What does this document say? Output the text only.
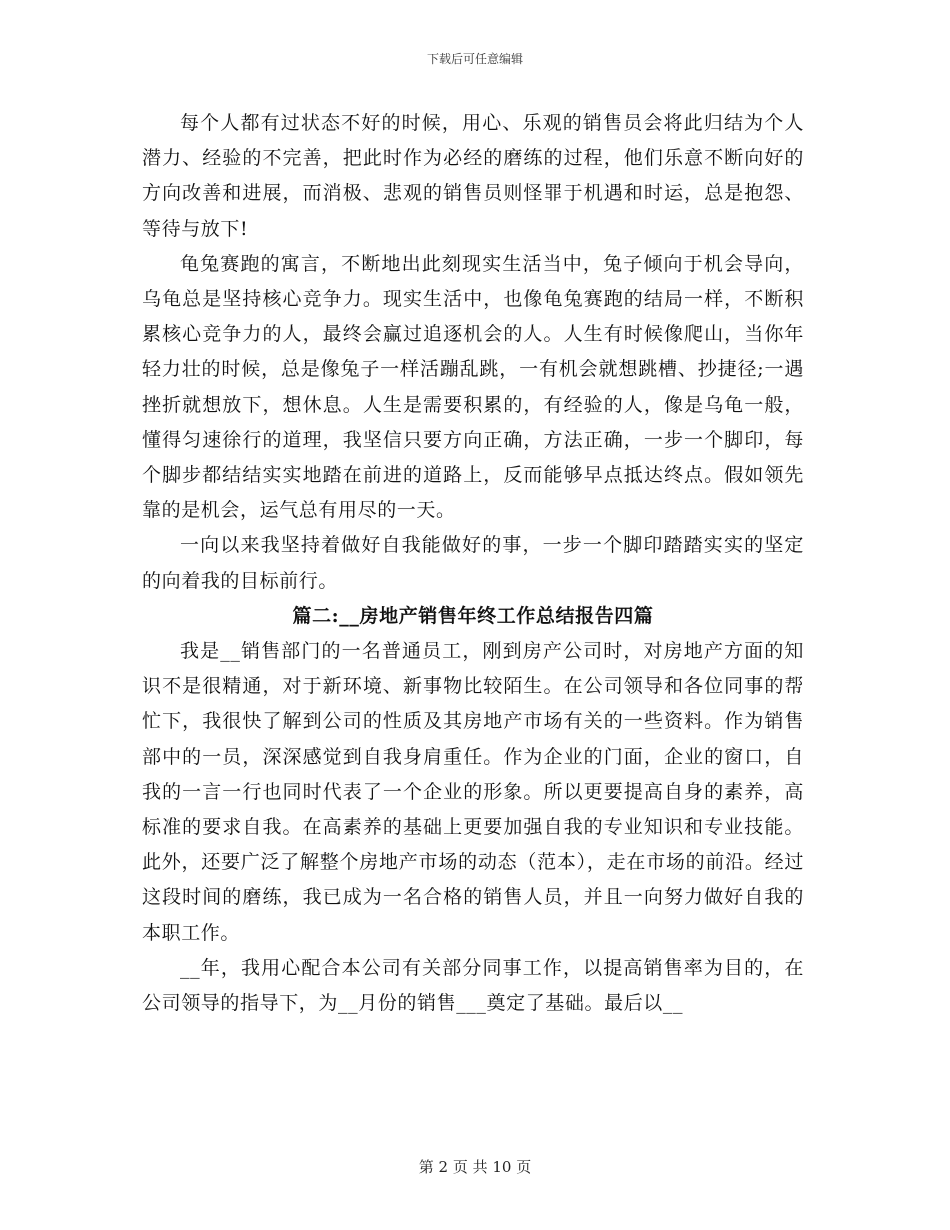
下载后可任意编辑

每个人都有过状态不好的时候，用心、乐观的销售员会将此归结为个人潜力、经验的不完善，把此时作为必经的磨练的过程，他们乐意不断向好的方向改善和进展，而消极、悲观的销售员则怪罪于机遇和时运，总是抱怨、等待与放下!

龟兔赛跑的寓言，不断地出此刻现实生活当中，兔子倾向于机会导向，乌龟总是坚持核心竞争力。现实生活中，也像龟兔赛跑的结局一样，不断积累核心竞争力的人，最终会赢过追逐机会的人。人生有时候像爬山，当你年轻力壮的时候，总是像兔子一样活蹦乱跳，一有机会就想跳槽、抄捷径;一遇挫折就想放下，想休息。人生是需要积累的，有经验的人，像是乌龟一般，懂得匀速徐行的道理，我坚信只要方向正确，方法正确，一步一个脚印，每个脚步都结结实实地踏在前进的道路上，反而能够早点抵达终点。假如领先靠的是机会，运气总有用尽的一天。

一向以来我坚持着做好自我能做好的事，一步一个脚印踏踏实实的坚定的向着我的目标前行。

篇二:__房地产销售年终工作总结报告四篇

我是__销售部门的一名普通员工，刚到房产公司时，对房地产方面的知识不是很精通，对于新环境、新事物比较陌生。在公司领导和各位同事的帮忙下，我很快了解到公司的性质及其房地产市场有关的一些资料。作为销售部中的一员，深深感觉到自我身肩重任。作为企业的门面，企业的窗口，自我的一言一行也同时代表了一个企业的形象。所以更要提高自身的素养，高标准的要求自我。在高素养的基础上更要加强自我的专业知识和专业技能。此外，还要广泛了解整个房地产市场的动态（范本），走在市场的前沿。经过这段时间的磨练，我已成为一名合格的销售人员，并且一向努力做好自我的本职工作。

__年，我用心配合本公司有关部分同事工作，以提高销售率为目的，在公司领导的指导下，为__月份的销售___奠定了基础。最后以__

第 2 页 共 10 页
